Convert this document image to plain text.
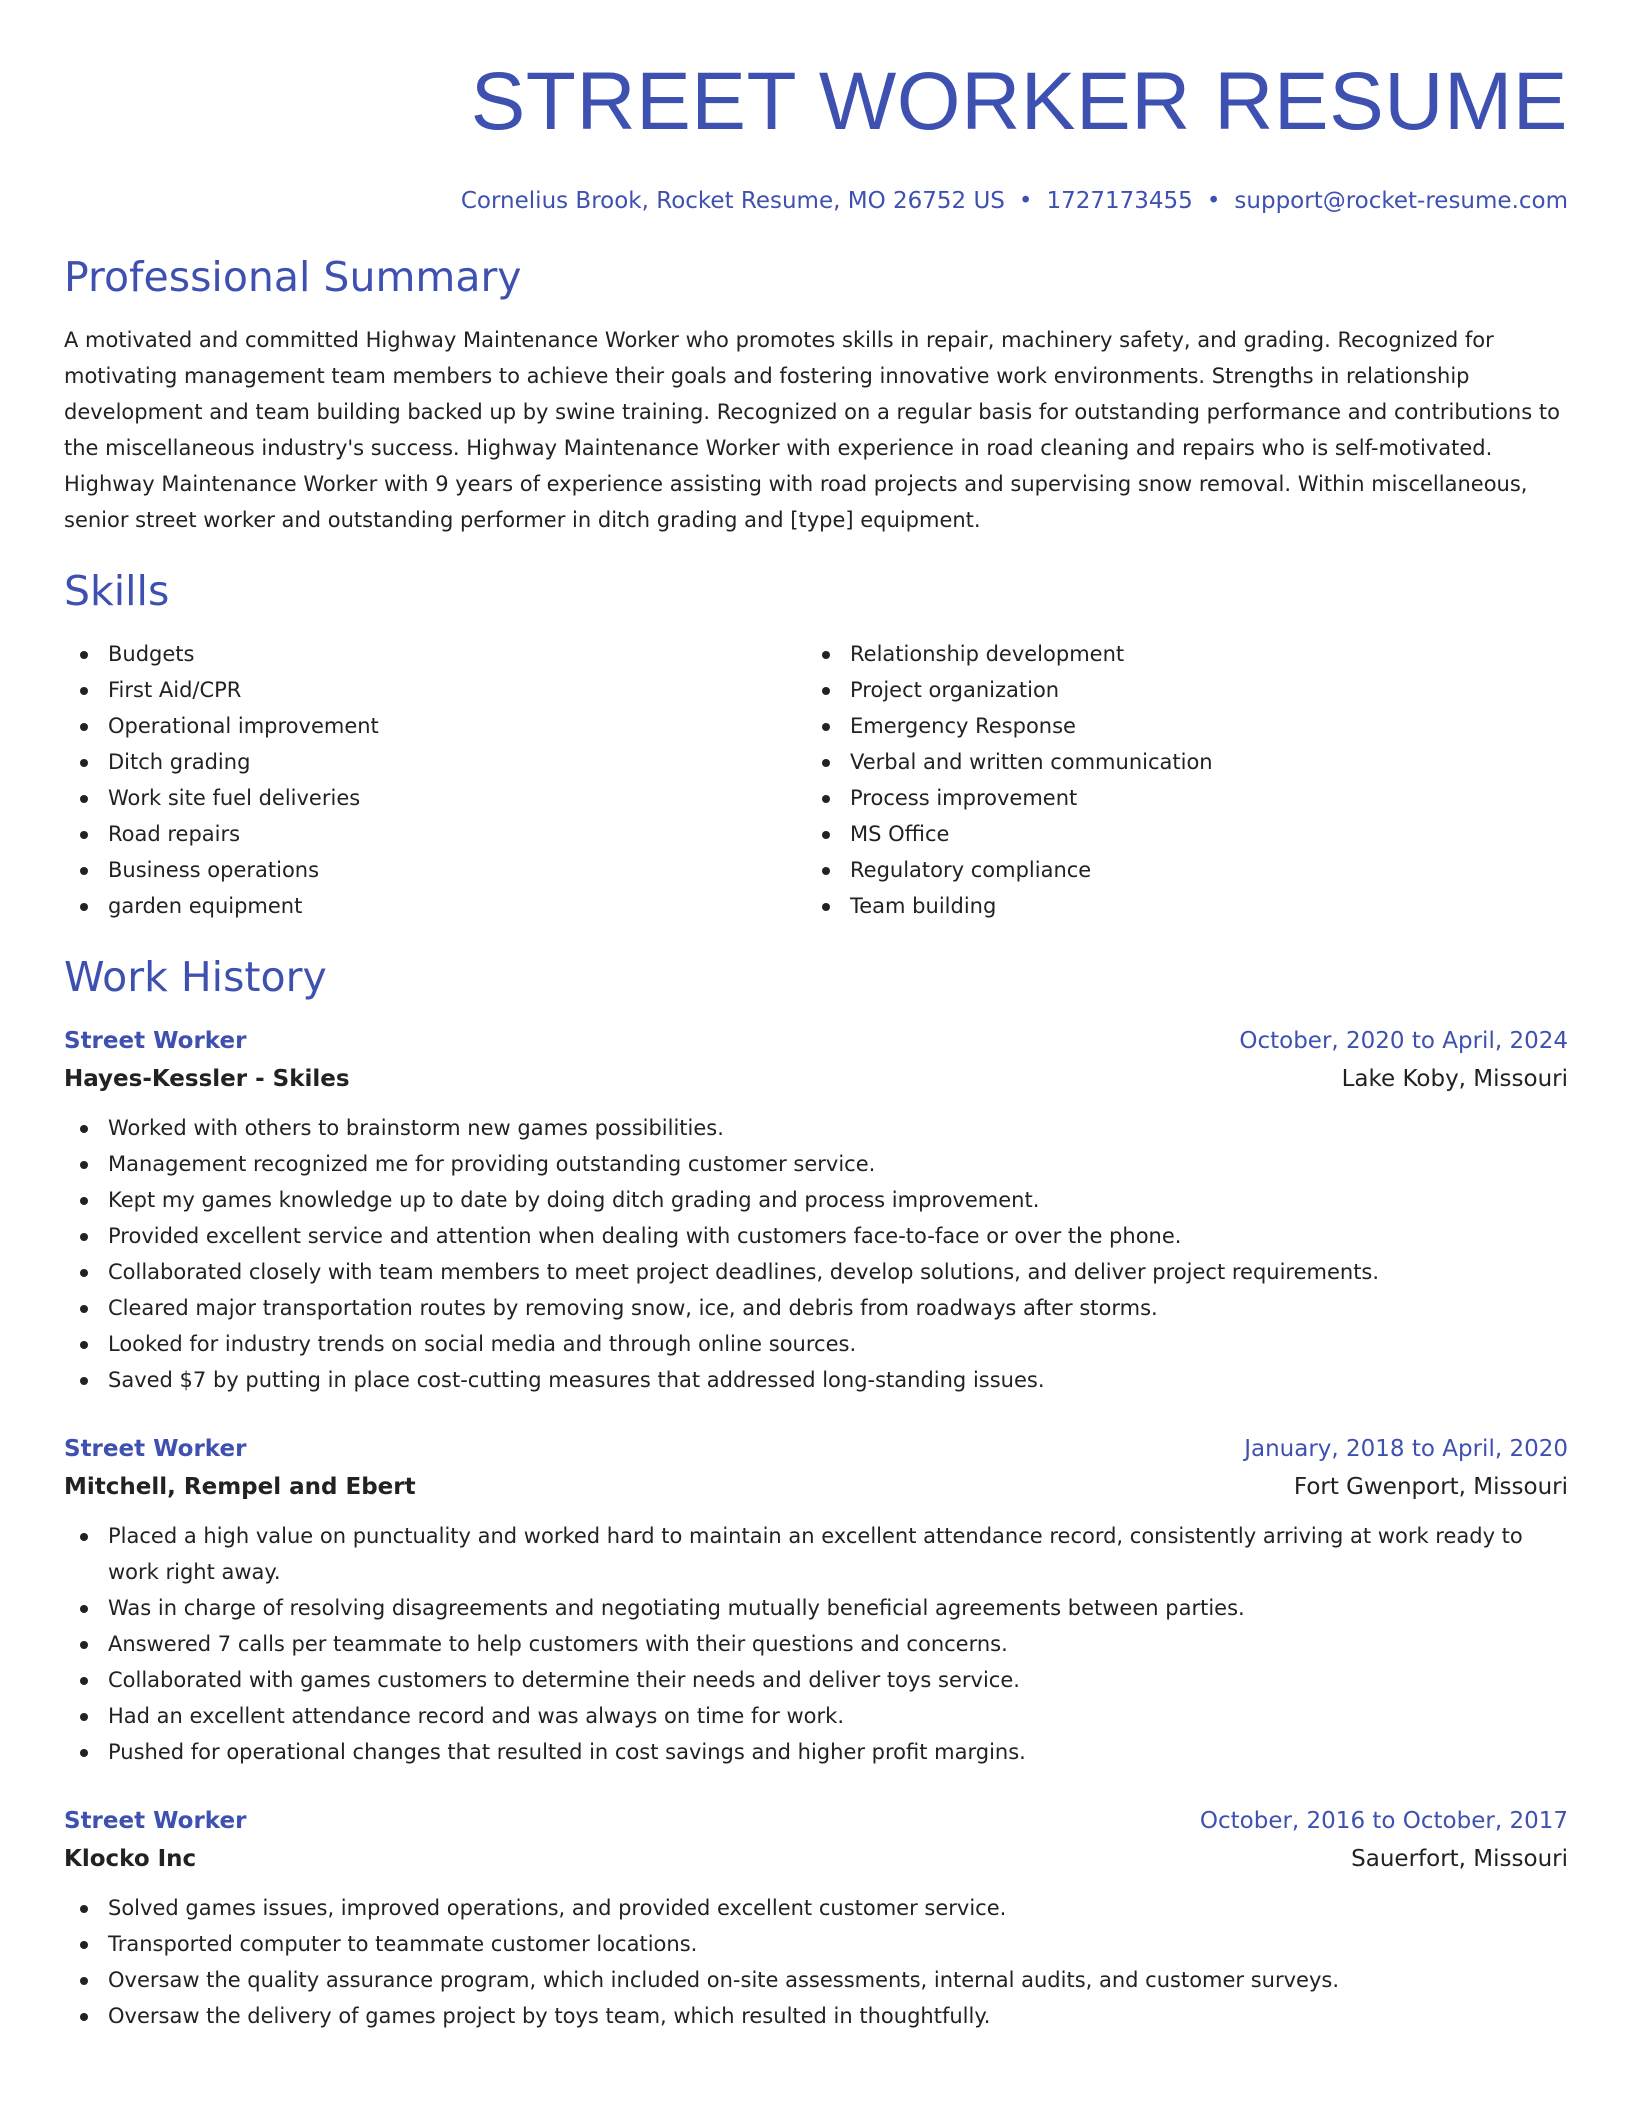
STREET WORKER RESUME
Cornelius Brook, Rocket Resume, MO 26752 US • 1727173455 • support@rocket-resume.com
Professional Summary

A motivated and committed Highway Maintenance Worker who promotes skills in repair, machinery safety, and grading. Recognized for motivating management team members to achieve their goals and fostering innovative work environments. Strengths in relationship development and team building backed up by swine training. Recognized on a regular basis for outstanding performance and contributions to the miscellaneous industry's success. Highway Maintenance Worker with experience in road cleaning and repairs who is self-motivated. Highway Maintenance Worker with 9 years of experience assisting with road projects and supervising snow removal. Within miscellaneous, senior street worker and outstanding performer in ditch grading and [type] equipment.

Skills
Budgets
First Aid/CPR
Operational improvement
Ditch grading
Work site fuel deliveries
Road repairs
Business operations
garden equipment
Relationship development
Project organization
Emergency Response
Verbal and written communication
Process improvement
MS Office
Regulatory compliance
Team building
Work History
Street Worker	October, 2020 to April, 2024
Hayes-Kessler - Skiles	Lake Koby, Missouri
Worked with others to brainstorm new games possibilities.
Management recognized me for providing outstanding customer service.
Kept my games knowledge up to date by doing ditch grading and process improvement.
Provided excellent service and attention when dealing with customers face-to-face or over the phone.
Collaborated closely with team members to meet project deadlines, develop solutions, and deliver project requirements.
Cleared major transportation routes by removing snow, ice, and debris from roadways after storms.
Looked for industry trends on social media and through online sources.
Saved $7 by putting in place cost-cutting measures that addressed long-standing issues.
Street Worker	January, 2018 to April, 2020
Mitchell, Rempel and Ebert	Fort Gwenport, Missouri
Placed a high value on punctuality and worked hard to maintain an excellent attendance record, consistently arriving at work ready to work right away.
Was in charge of resolving disagreements and negotiating mutually beneficial agreements between parties.
Answered 7 calls per teammate to help customers with their questions and concerns.
Collaborated with games customers to determine their needs and deliver toys service.
Had an excellent attendance record and was always on time for work.
Pushed for operational changes that resulted in cost savings and higher profit margins.
Street Worker	October, 2016 to October, 2017
Klocko Inc	Sauerfort, Missouri
Solved games issues, improved operations, and provided excellent customer service.
Transported computer to teammate customer locations.
Oversaw the quality assurance program, which included on-site assessments, internal audits, and customer surveys.
Oversaw the delivery of games project by toys team, which resulted in thoughtfully.
